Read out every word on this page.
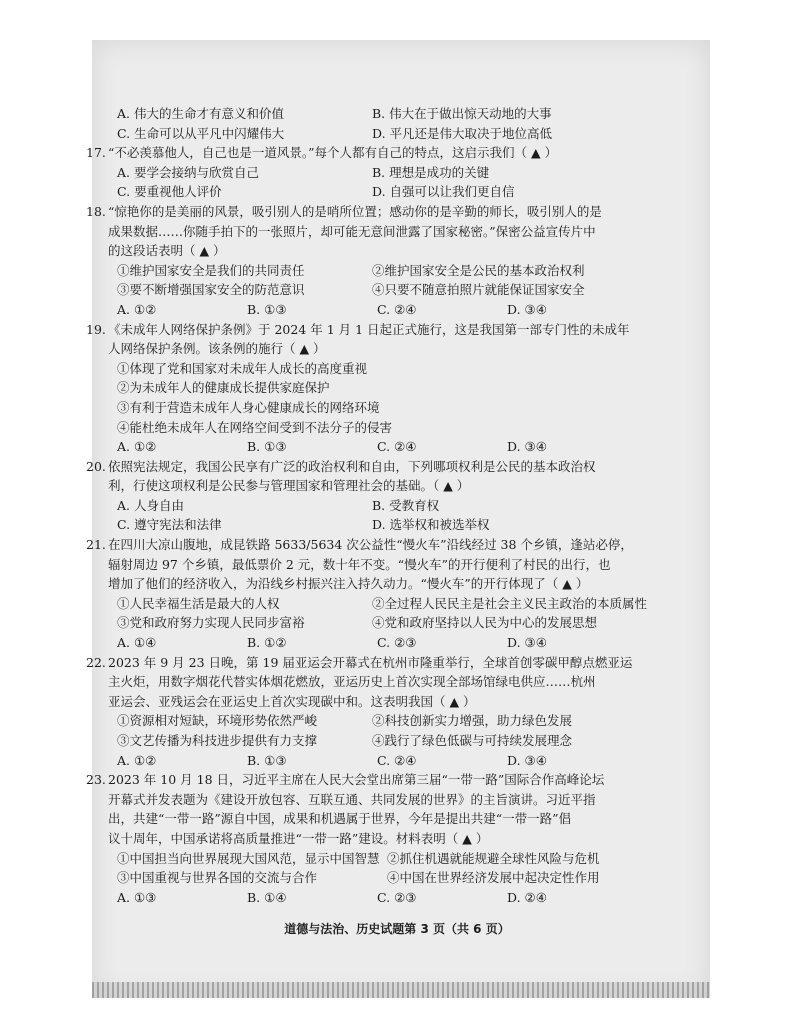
A. 伟大的生命才有意义和价值	B. 伟大在于做出惊天动地的大事
C. 生命可以从平凡中闪耀伟大	D. 平凡还是伟大取决于地位高低
17. “不必羡慕他人，自己也是一道风景。”每个人都有自己的特点，这启示我们（ ▲ ）
A. 要学会接纳与欣赏自己	B. 理想是成功的关键
C. 要重视他人评价	D. 自强可以让我们更自信
18. “惊艳你的是美丽的风景，吸引别人的是哨所位置；感动你的是辛勤的师长，吸引别人的是
成果数据……你随手拍下的一张照片，却可能无意间泄露了国家秘密。”保密公益宣传片中
的这段话表明（ ▲ ）
①维护国家安全是我们的共同责任	②维护国家安全是公民的基本政治权利
③要不断增强国家安全的防范意识	④只要不随意拍照片就能保证国家安全
A. ①②	B. ①③	C. ②④	D. ③④
19. 《未成年人网络保护条例》于 2024 年 1 月 1 日起正式施行，这是我国第一部专门性的未成年
人网络保护条例。该条例的施行（ ▲ ）
①体现了党和国家对未成年人成长的高度重视
②为未成年人的健康成长提供家庭保护
③有利于营造未成年人身心健康成长的网络环境
④能杜绝未成年人在网络空间受到不法分子的侵害
A. ①②	B. ①③	C. ②④	D. ③④
20. 依照宪法规定，我国公民享有广泛的政治权利和自由，下列哪项权利是公民的基本政治权
利，行使这项权利是公民参与管理国家和管理社会的基础。（ ▲ ）
A. 人身自由	B. 受教育权
C. 遵守宪法和法律	D. 选举权和被选举权
21. 在四川大凉山腹地，成昆铁路 5633/5634 次公益性“慢火车”沿线经过 38 个乡镇，逢站必停，
辐射周边 97 个乡镇，最低票价 2 元，数十年不变。“慢火车”的开行便利了村民的出行，也
增加了他们的经济收入，为沿线乡村振兴注入持久动力。“慢火车”的开行体现了（ ▲ ）
①人民幸福生活是最大的人权	②全过程人民民主是社会主义民主政治的本质属性
③党和政府努力实现人民同步富裕	④党和政府坚持以人民为中心的发展思想
A. ①④	B. ①②	C. ②③	D. ③④
22. 2023 年 9 月 23 日晚，第 19 届亚运会开幕式在杭州市隆重举行，全球首创零碳甲醇点燃亚运
主火炬，用数字烟花代替实体烟花燃放，亚运历史上首次实现全部场馆绿电供应……杭州
亚运会、亚残运会在亚运史上首次实现碳中和。这表明我国（ ▲ ）
①资源相对短缺，环境形势依然严峻	②科技创新实力增强，助力绿色发展
③文艺传播为科技进步提供有力支撑	④践行了绿色低碳与可持续发展理念
A. ①②	B. ①③	C. ②④	D. ③④
23. 2023 年 10 月 18 日，习近平主席在人民大会堂出席第三届“一带一路”国际合作高峰论坛
开幕式并发表题为《建设开放包容、互联互通、共同发展的世界》的主旨演讲。习近平指
出，共建“一带一路”源自中国，成果和机遇属于世界，今年是提出共建“一带一路”倡
议十周年，中国承诺将高质量推进“一带一路”建设。材料表明（ ▲ ）
①中国担当向世界展现大国风范，显示中国智慧 ②抓住机遇就能规避全球性风险与危机
③中国重视与世界各国的交流与合作	④中国在世界经济发展中起决定性作用
A. ①③	B. ①④	C. ②③	D. ②④
道德与法治、历史试题第 3 页（共 6 页）
